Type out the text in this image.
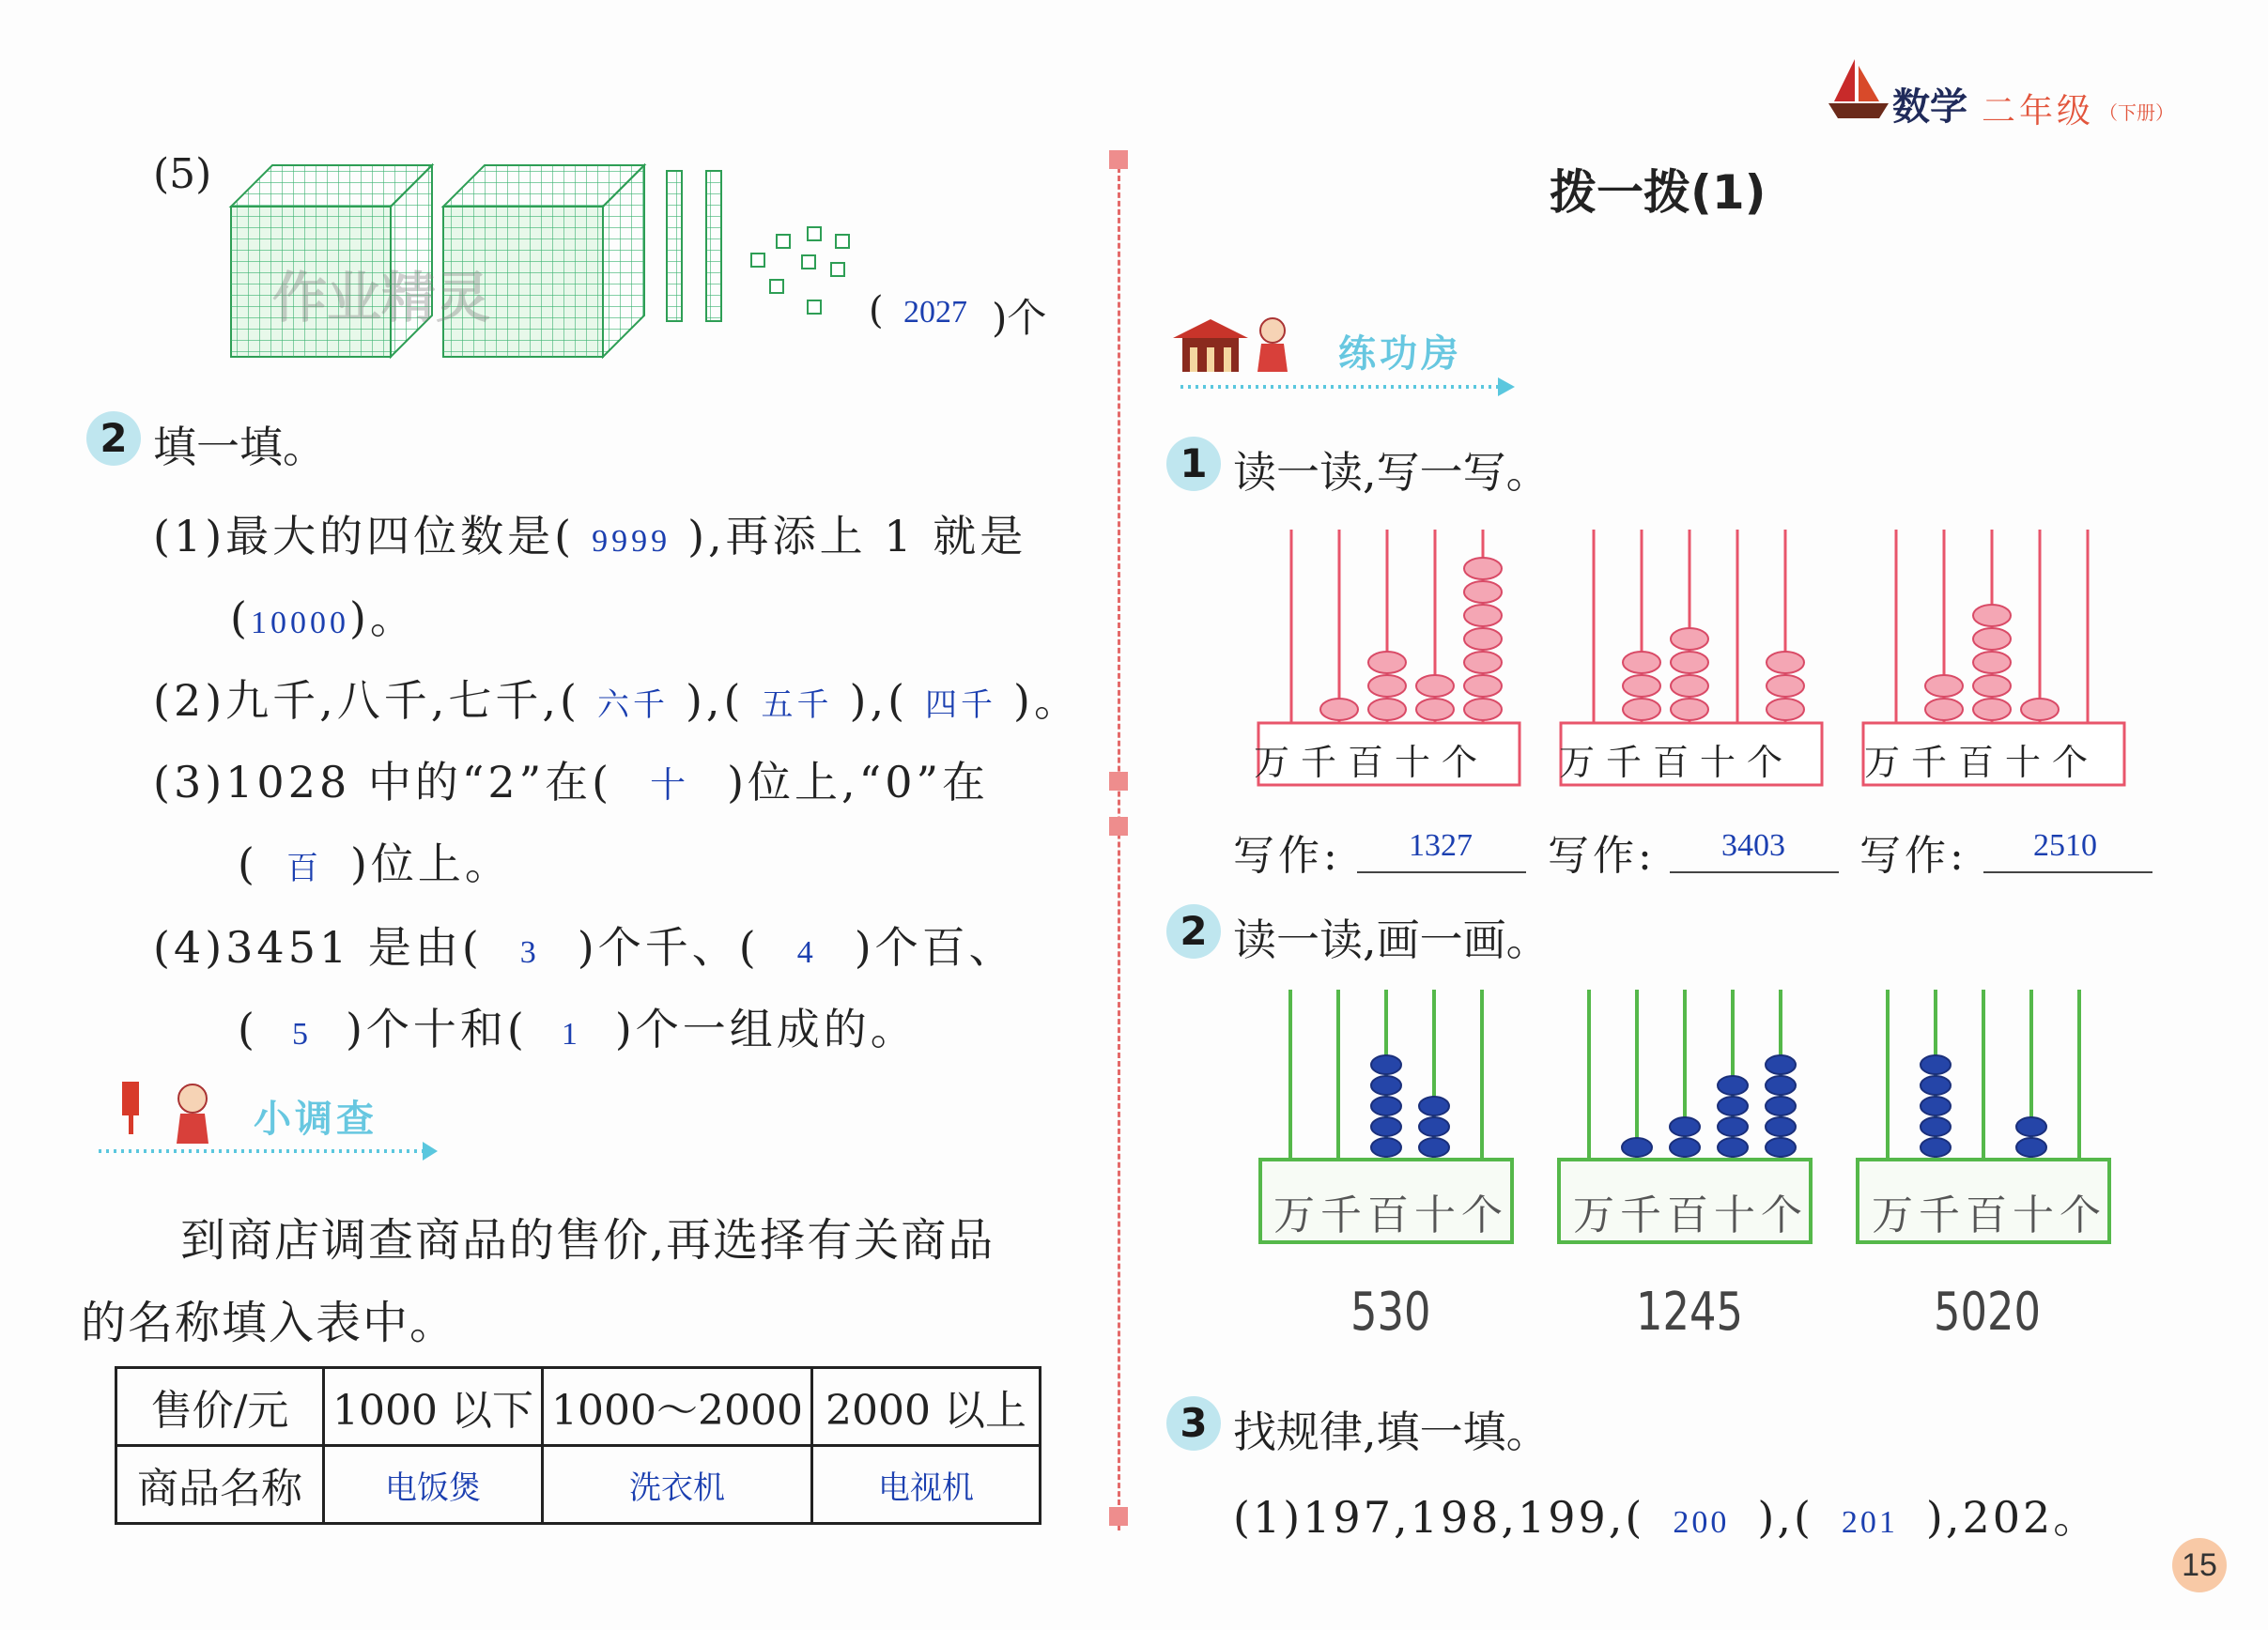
数学 二年级 （下册）
(5)
作业精灵	( 2027 )个
2 填一填。
(1)最大的四位数是( 9999 ),再添上 1 就是
(10000)。
(2)九千,八千,七千,( 六千 ),( 五千 ),( 四千 )。
(3)1028 中的“2”在( 十 )位上,“0”在
( 百 )位上。
(4)3451 是由( 3 )个千、( 4 )个百、
( 5 )个十和( 1 )个一组成的。
小调查
到商店调查商品的售价,再选择有关商品
的名称填入表中。
售价/元	1000 以下	1000～2000	2000 以上
商品名称	电饭煲	洗衣机	电视机
拨一拨(1)
练功房
1 读一读,写一写。
万千百十个 万千百十个 万千百十个
写作: 1327 写作: 3403 写作: 2510
2 读一读,画一画。
万千百十个 万千百十个 万千百十个
530	1245	5020
3 找规律,填一填。
(1)197,198,199,( 200 ),( 201 ),202。
15
